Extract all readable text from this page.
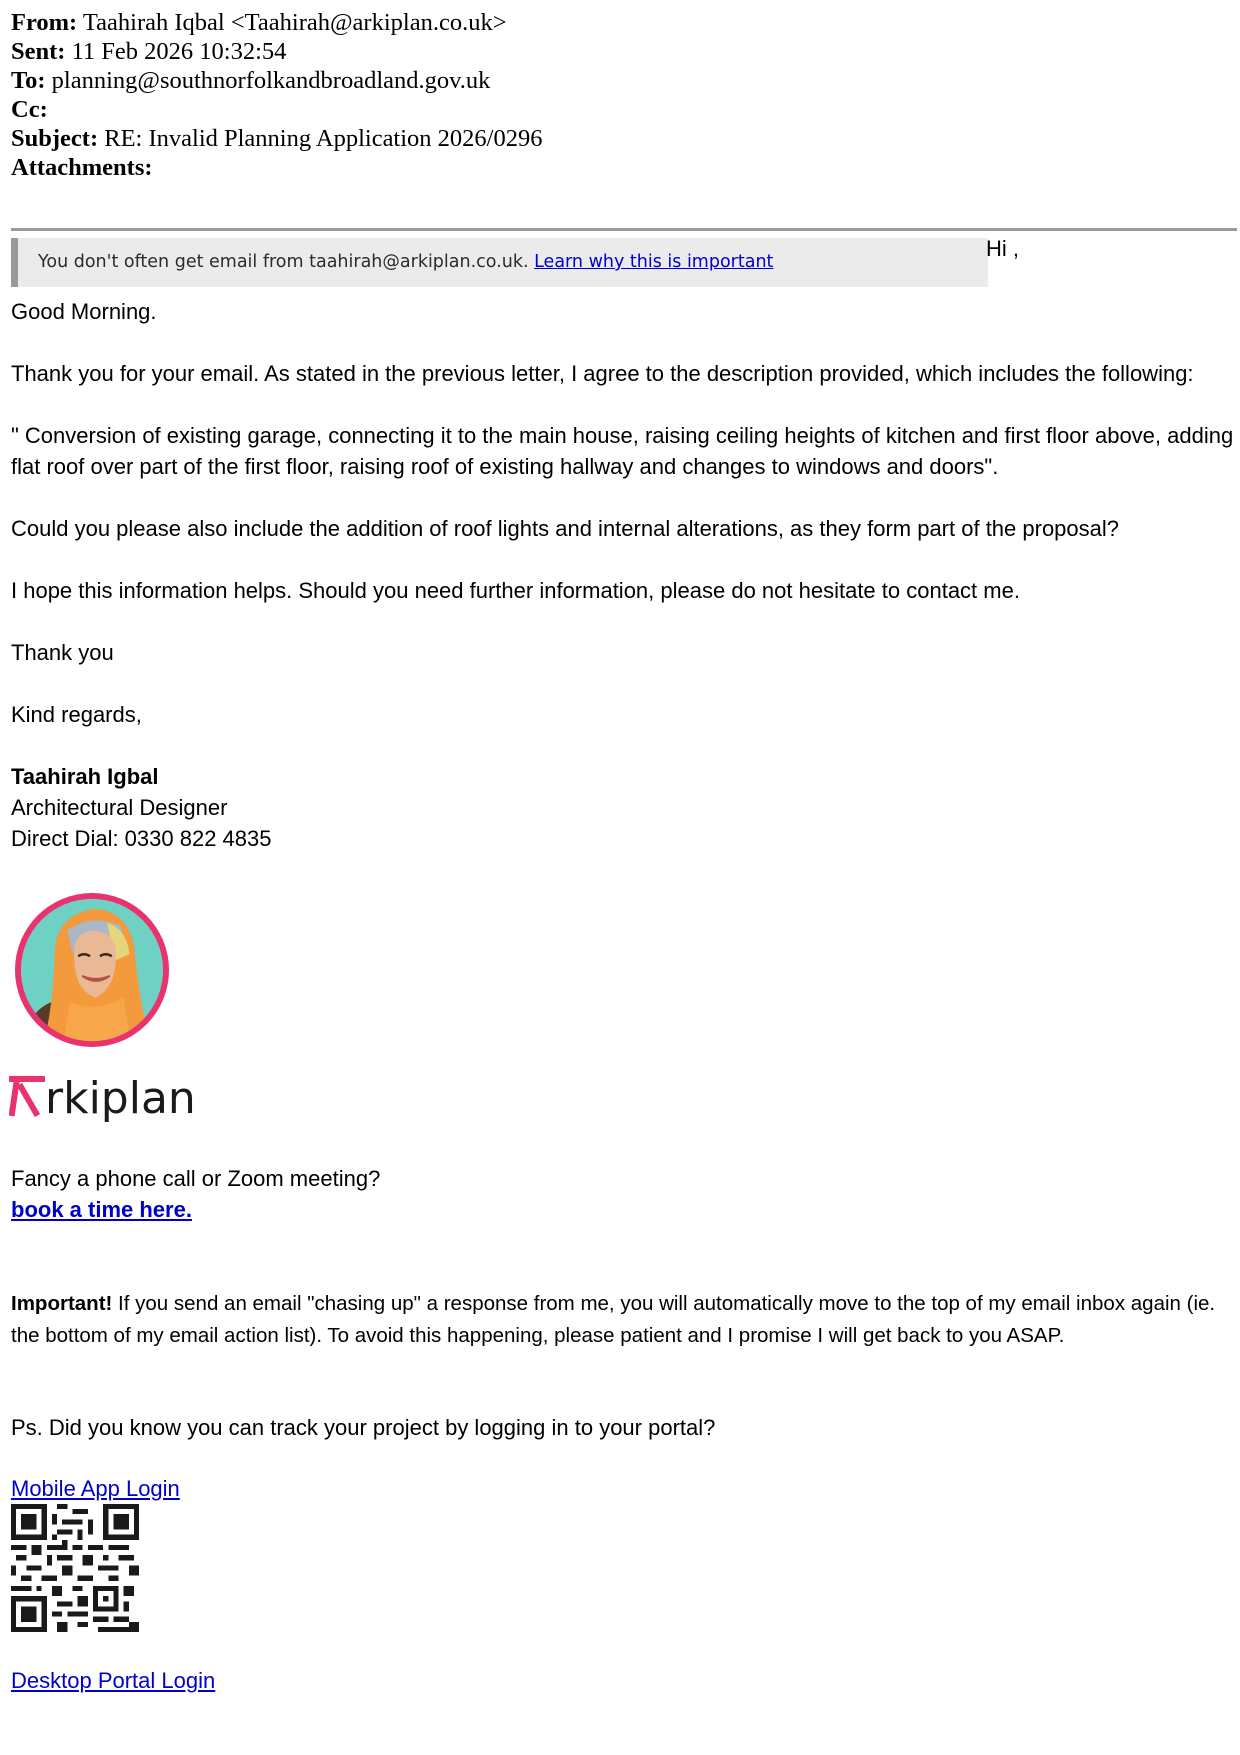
From: Taahirah Iqbal <Taahirah@arkiplan.co.uk>
Sent: 11 Feb 2026 10:32:54
To: planning@southnorfolkandbroadland.gov.uk
Cc:
Subject: RE: Invalid Planning Application 2026/0296
Attachments:
You don't often get email from taahirah@arkiplan.co.uk. Learn why this is important
Hi ,

Good Morning.

Thank you for your email. As stated in the previous letter, I agree to the description provided, which includes the following:

" Conversion of existing garage, connecting it to the main house, raising ceiling heights of kitchen and first floor above, adding flat roof over part of the first floor, raising roof of existing hallway and changes to windows and doors".

Could you please also include the addition of roof lights and internal alterations, as they form part of the proposal?

I hope this information helps. Should you need further information, please do not hesitate to contact me.

Thank you

Kind regards,

Taahirah Igbal
Architectural Designer
Direct Dial: 0330 822 4835
rkiplan
Fancy a phone call or Zoom meeting?
book a time here.
Important! If you send an email "chasing up" a response from me, you will automatically move to the top of my email inbox again (ie. the bottom of my email action list). To avoid this happening, please patient and I promise I will get back to you ASAP.
Ps. Did you know you can track your project by logging in to your portal?
Mobile App Login
Desktop Portal Login
